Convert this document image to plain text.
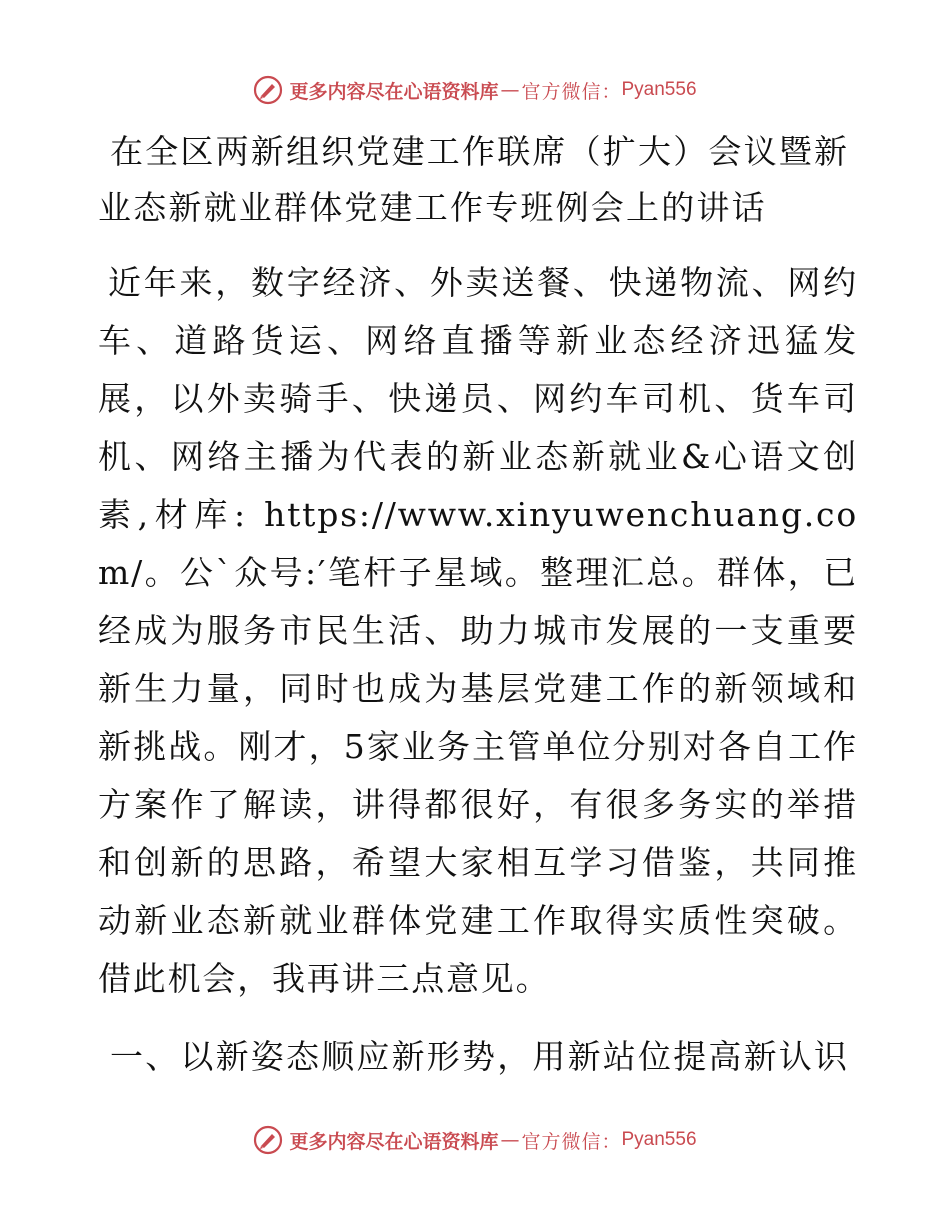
更多内容尽在心语资料库 — 官方微信： Pyan556
在全区两新组织党建工作联席（扩大）会议暨新业态新就业群体党建工作专班例会上的讲话

近年来，数字经济、外卖送餐、快递物流、网约车、道路货运、网络直播等新业态经济迅猛发展，以外卖骑手、快递员、网约车司机、货车司机、网络主播为代表的新业态新就业&心语文创素,材库: https://www.xinyuwenchuang.com/。公`众号:′笔杆子星域。整理汇总。群体，已经成为服务市民生活、助力城市发展的一支重要新生力量，同时也成为基层党建工作的新领域和新挑战。刚才，5家业务主管单位分别对各自工作方案作了解读，讲得都很好，有很多务实的举措和创新的思路，希望大家相互学习借鉴，共同推动新业态新就业群体党建工作取得实质性突破。借此机会，我再讲三点意见。

一、以新姿态顺应新形势，用新站位提高新认识
更多内容尽在心语资料库 — 官方微信： Pyan556
